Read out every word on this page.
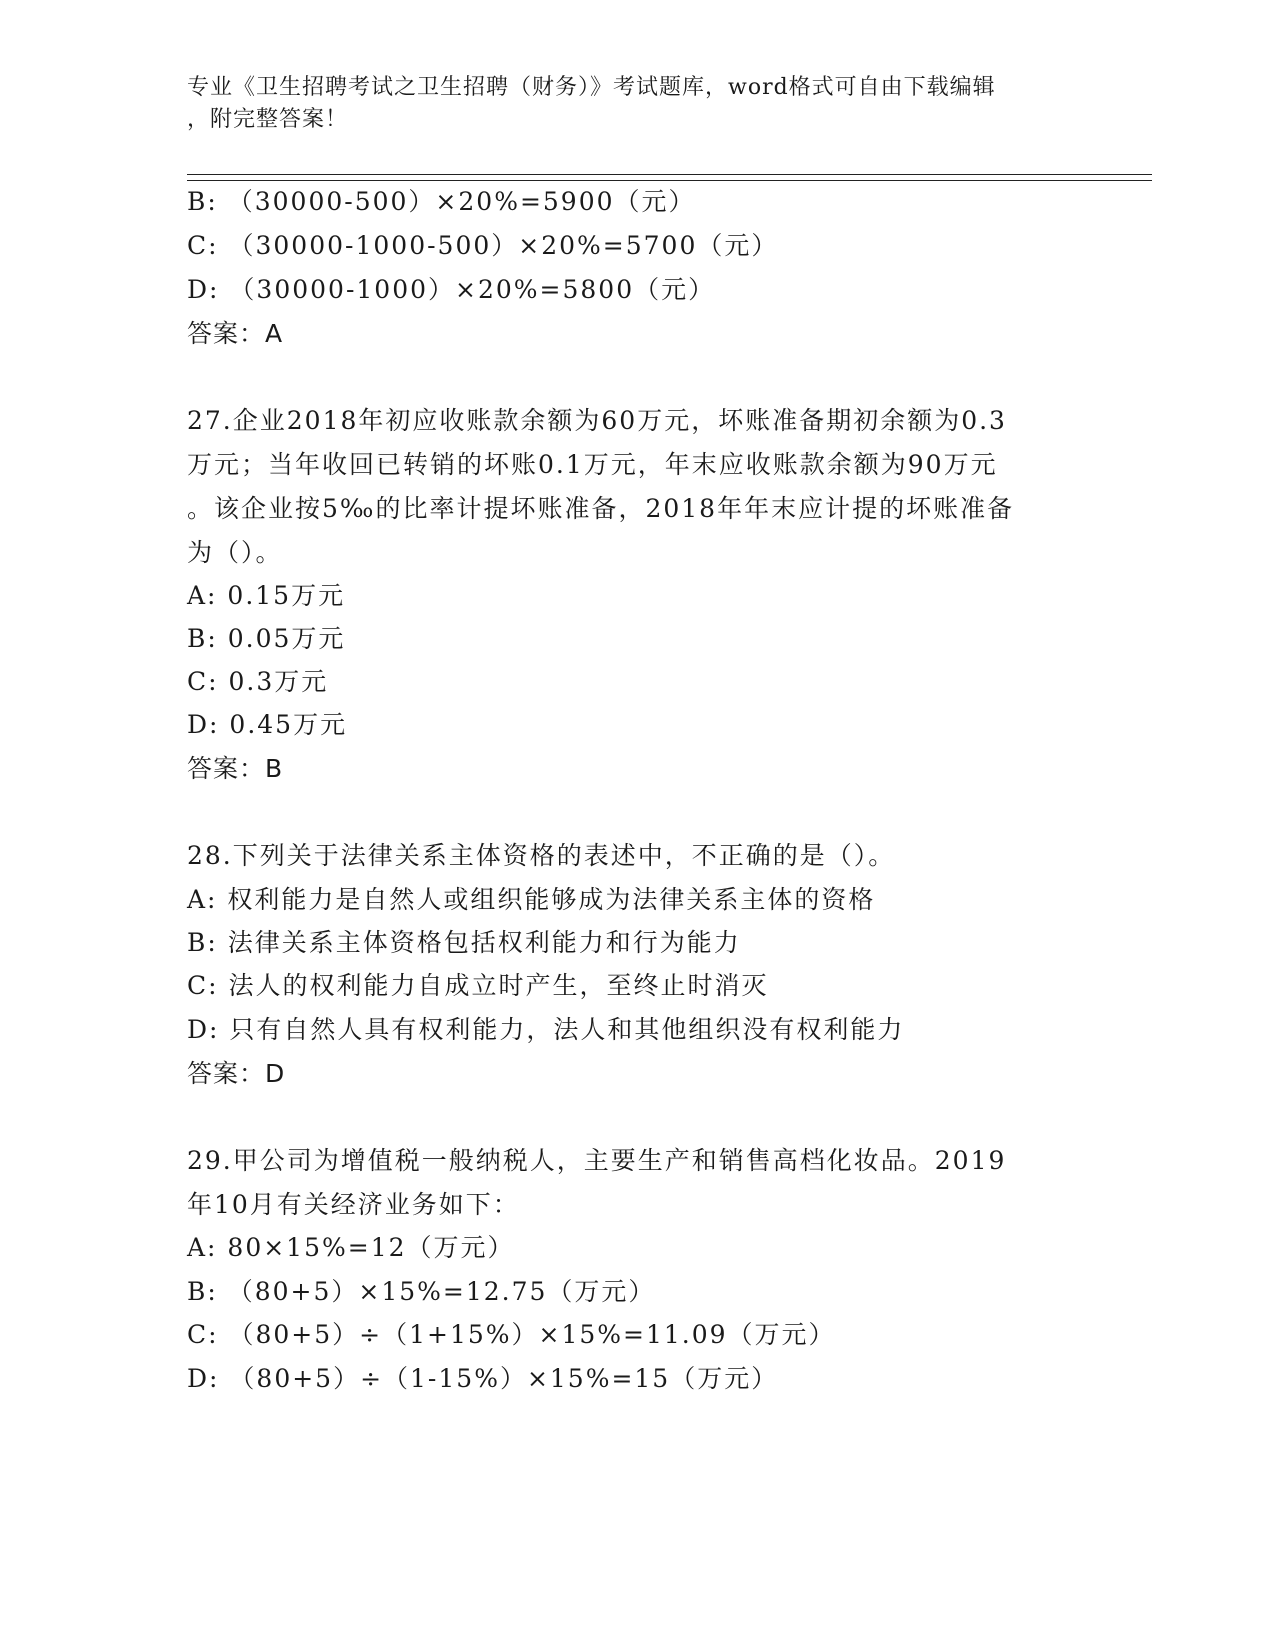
专业《卫生招聘考试之卫生招聘（财务）》考试题库，word格式可自由下载编辑
，附完整答案！
B: （30000-500）×20%=5900（元）
C: （30000-1000-500）×20%=5700（元）
D: （30000-1000）×20%=5800（元）
答案：A
27.企业2018年初应收账款余额为60万元，坏账准备期初余额为0.3
万元；当年收回已转销的坏账0.1万元，年末应收账款余额为90万元
。该企业按5‰的比率计提坏账准备，2018年年末应计提的坏账准备
为（）。
A: 0.15万元
B: 0.05万元
C: 0.3万元
D: 0.45万元
答案：B
28.下列关于法律关系主体资格的表述中，不正确的是（）。
A: 权利能力是自然人或组织能够成为法律关系主体的资格
B: 法律关系主体资格包括权利能力和行为能力
C: 法人的权利能力自成立时产生，至终止时消灭
D: 只有自然人具有权利能力，法人和其他组织没有权利能力
答案：D
29.甲公司为增值税一般纳税人，主要生产和销售高档化妆品。2019
年10月有关经济业务如下：
A: 80×15%=12（万元）
B: （80+5）×15%=12.75（万元）
C: （80+5）÷（1+15%）×15%=11.09（万元）
D: （80+5）÷（1-15%）×15%=15（万元）
